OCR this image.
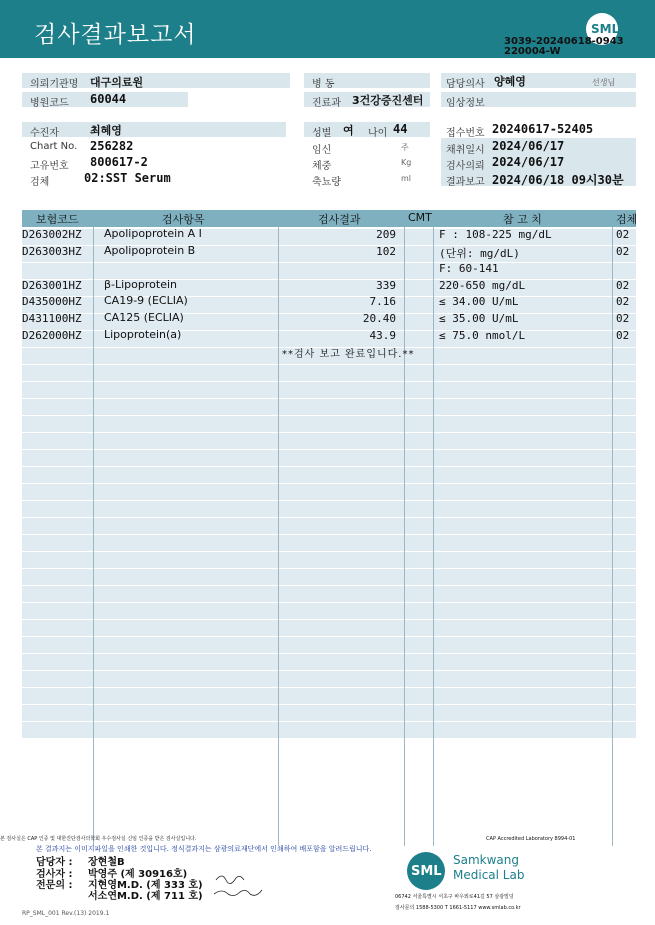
검사결과보고서	SML
3039-20240618-0943
220004-W
의뢰기관명 대구의료원
병원코드 60044
수진자	최혜영
Chart No. 256282
고유번호 800617-2
검체	02:SST Serum
병 동
진료과 3건강증진센터
성별 여 나이 44
임신	주
체중	Kg
축뇨량	ml
담당의사 양혜영	선생님
임상정보
접수번호 20240617-52405
채취일시 2024/06/17
검사의뢰 2024/06/17
결과보고 2024/06/18 09시30분
보험코드	검사항목	검사결과	CMT	참 고 치	검체
D263002HZ Apolipoprotein A I	209	F : 108-225 mg/dL	02
D263003HZ Apolipoprotein B	102	(단위: mg/dL)	02
F: 60-141
D263001HZ β-Lipoprotein	339	220-650 mg/dL	02
D435000HZ CA19-9 (ECLIA)	7.16	≤ 34.00 U/mL	02
D431100HZ CA125 (ECLIA)	20.40	≤ 35.00 U/mL	02
D262000HZ Lipoprotein(a)	43.9	≤ 75.0 nmol/L	02
**검사 보고 완료입니다.**
본 검사실은 CAP 인증 및 대한진단검사의학회 우수검사실 신임 인증을 받은 검사실입니다.	CAP Accredited Laboratory 8994-01
본 결과지는 이미지파일을 인쇄한 것입니다. 정식결과지는 삼광의료재단에서 인쇄하여 배포함을 알려드립니다.
담당자 : 장현철B
검사자 : 박영주 (제 30916호)
전문의 : 지현영M.D. (제 333 호)
서소연M.D. (제 711 호)
SML
Samkwang
Medical Lab
06742 서울특별시 서초구 바우뫼로41길 57 삼광빌딩
검사문의 1588-5300 T 1661-5117 www.smlab.co.kr
RP_SML_001 Rev.(13) 2019.1
